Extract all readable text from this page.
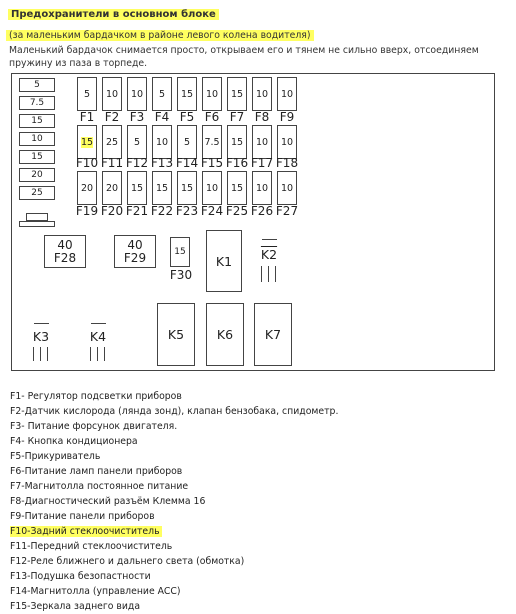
Предохранители в основном блоке
(за маленьким бардачком в районе левого колена водителя)
Маленький бардачок снимается просто, открываем его и тянем не сильно вверх, отсоединяем пружину из паза в торпеде.
5
7.5
15
10
15
20
25
5	10	10	5	15	10	15	10	10
F1 F2 F3 F4 F5 F6 F7 F8 F9
15	25	5	10	5	7.5	15	10	10
F10 F11 F12 F13 F14 F15 F16 F17 F18
20	20	15	15	15	10	15	10	10
F19 F20 F21 F22 F23 F24 F25 F26 F27
40
F28
40
F29	15
F30
K1	K2
K3	K4	K5	K6	K7
F1- Регулятор подсветки приборов
F2-Датчик кислорода (лянда зонд), клапан бензобака, спидометр.
F3- Питание форсунок двигателя.
F4- Кнопка кондиционера
F5-Прикуриватель
F6-Питание ламп панели приборов
F7-Магнитолла постоянное питание
F8-Диагностический разъём Клемма 16
F9-Питание панели приборов
F10-Задний стеклоочиститель
F11-Передний стеклоочиститель
F12-Реле ближнего и дальнего света (обмотка)
F13-Подушка безопастности
F14-Магнитолла (управление ACC)
F15-Зеркала заднего вида
